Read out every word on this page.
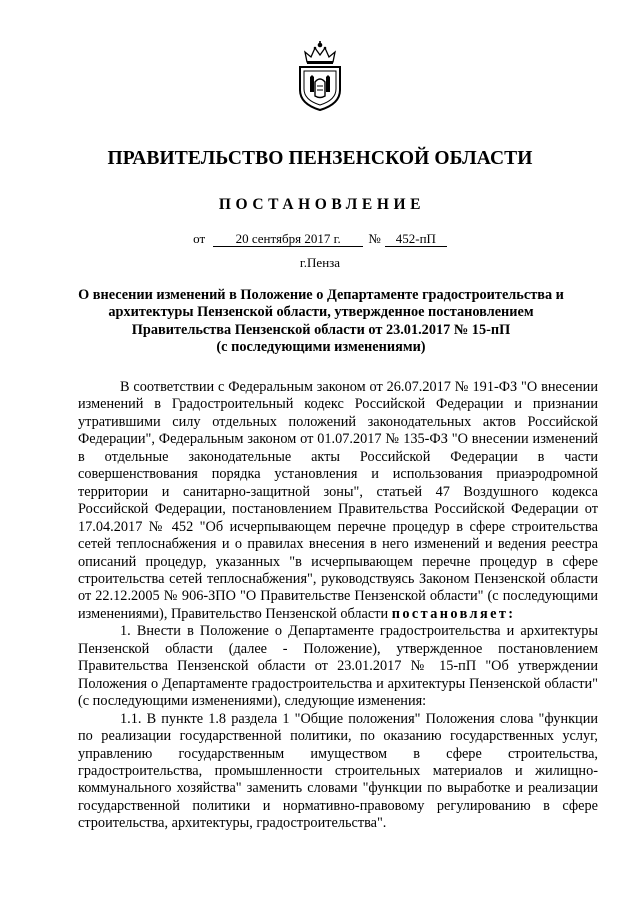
ПРАВИТЕЛЬСТВО ПЕНЗЕНСКОЙ ОБЛАСТИ
ПОСТАНОВЛЕНИЕ
от 20 сентября 2017 г. № 452-пП
г.Пенза
О внесении изменений в Положение о Департаменте градостроительства и
архитектуры Пензенской области, утвержденное постановлением
Правительства Пензенской области от 23.01.2017 № 15-пП
(с последующими изменениями)

В соответствии с Федеральным законом от 26.07.2017 № 191-ФЗ "О внесении изменений в Градостроительный кодекс Российской Федерации и признании утратившими силу отдельных положений законодательных актов Российской Федерации", Федеральным законом от 01.07.2017 № 135-ФЗ "О внесении изменений в отдельные законодательные акты Российской Федерации в части совершенствования порядка установления и использования приаэродромной территории и санитарно-защитной зоны", статьей 47 Воздушного кодекса Российской Федерации, постановлением Правительства Российской Федерации от 17.04.2017 № 452 "Об исчерпывающем перечне процедур в сфере строительства сетей теплоснабжения и о правилах внесения в него изменений и ведения реестра описаний процедур, указанных "в исчерпывающем перечне процедур в сфере строительства сетей теплоснабжения", руководствуясь Законом Пензенской области от 22.12.2005 № 906-ЗПО "О Правительстве Пензенской области" (с последующими изменениями), Правительство Пензенской области постановляет:

1. Внести в Положение о Департаменте градостроительства и архитектуры Пензенской области (далее - Положение), утвержденное постановлением Правительства Пензенской области от 23.01.2017 № 15-пП "Об утверждении Положения о Департаменте градостроительства и архитектуры Пензенской области" (с последующими изменениями), следующие изменения:

1.1. В пункте 1.8 раздела 1 "Общие положения" Положения слова "функции по реализации государственной политики, по оказанию государственных услуг, управлению государственным имуществом в сфере строительства, градостроительства, промышленности строительных материалов и жилищно-коммунального хозяйства" заменить словами "функции по выработке и реализации государственной политики и нормативно-правовому регулированию в сфере строительства, архитектуры, градостроительства".
